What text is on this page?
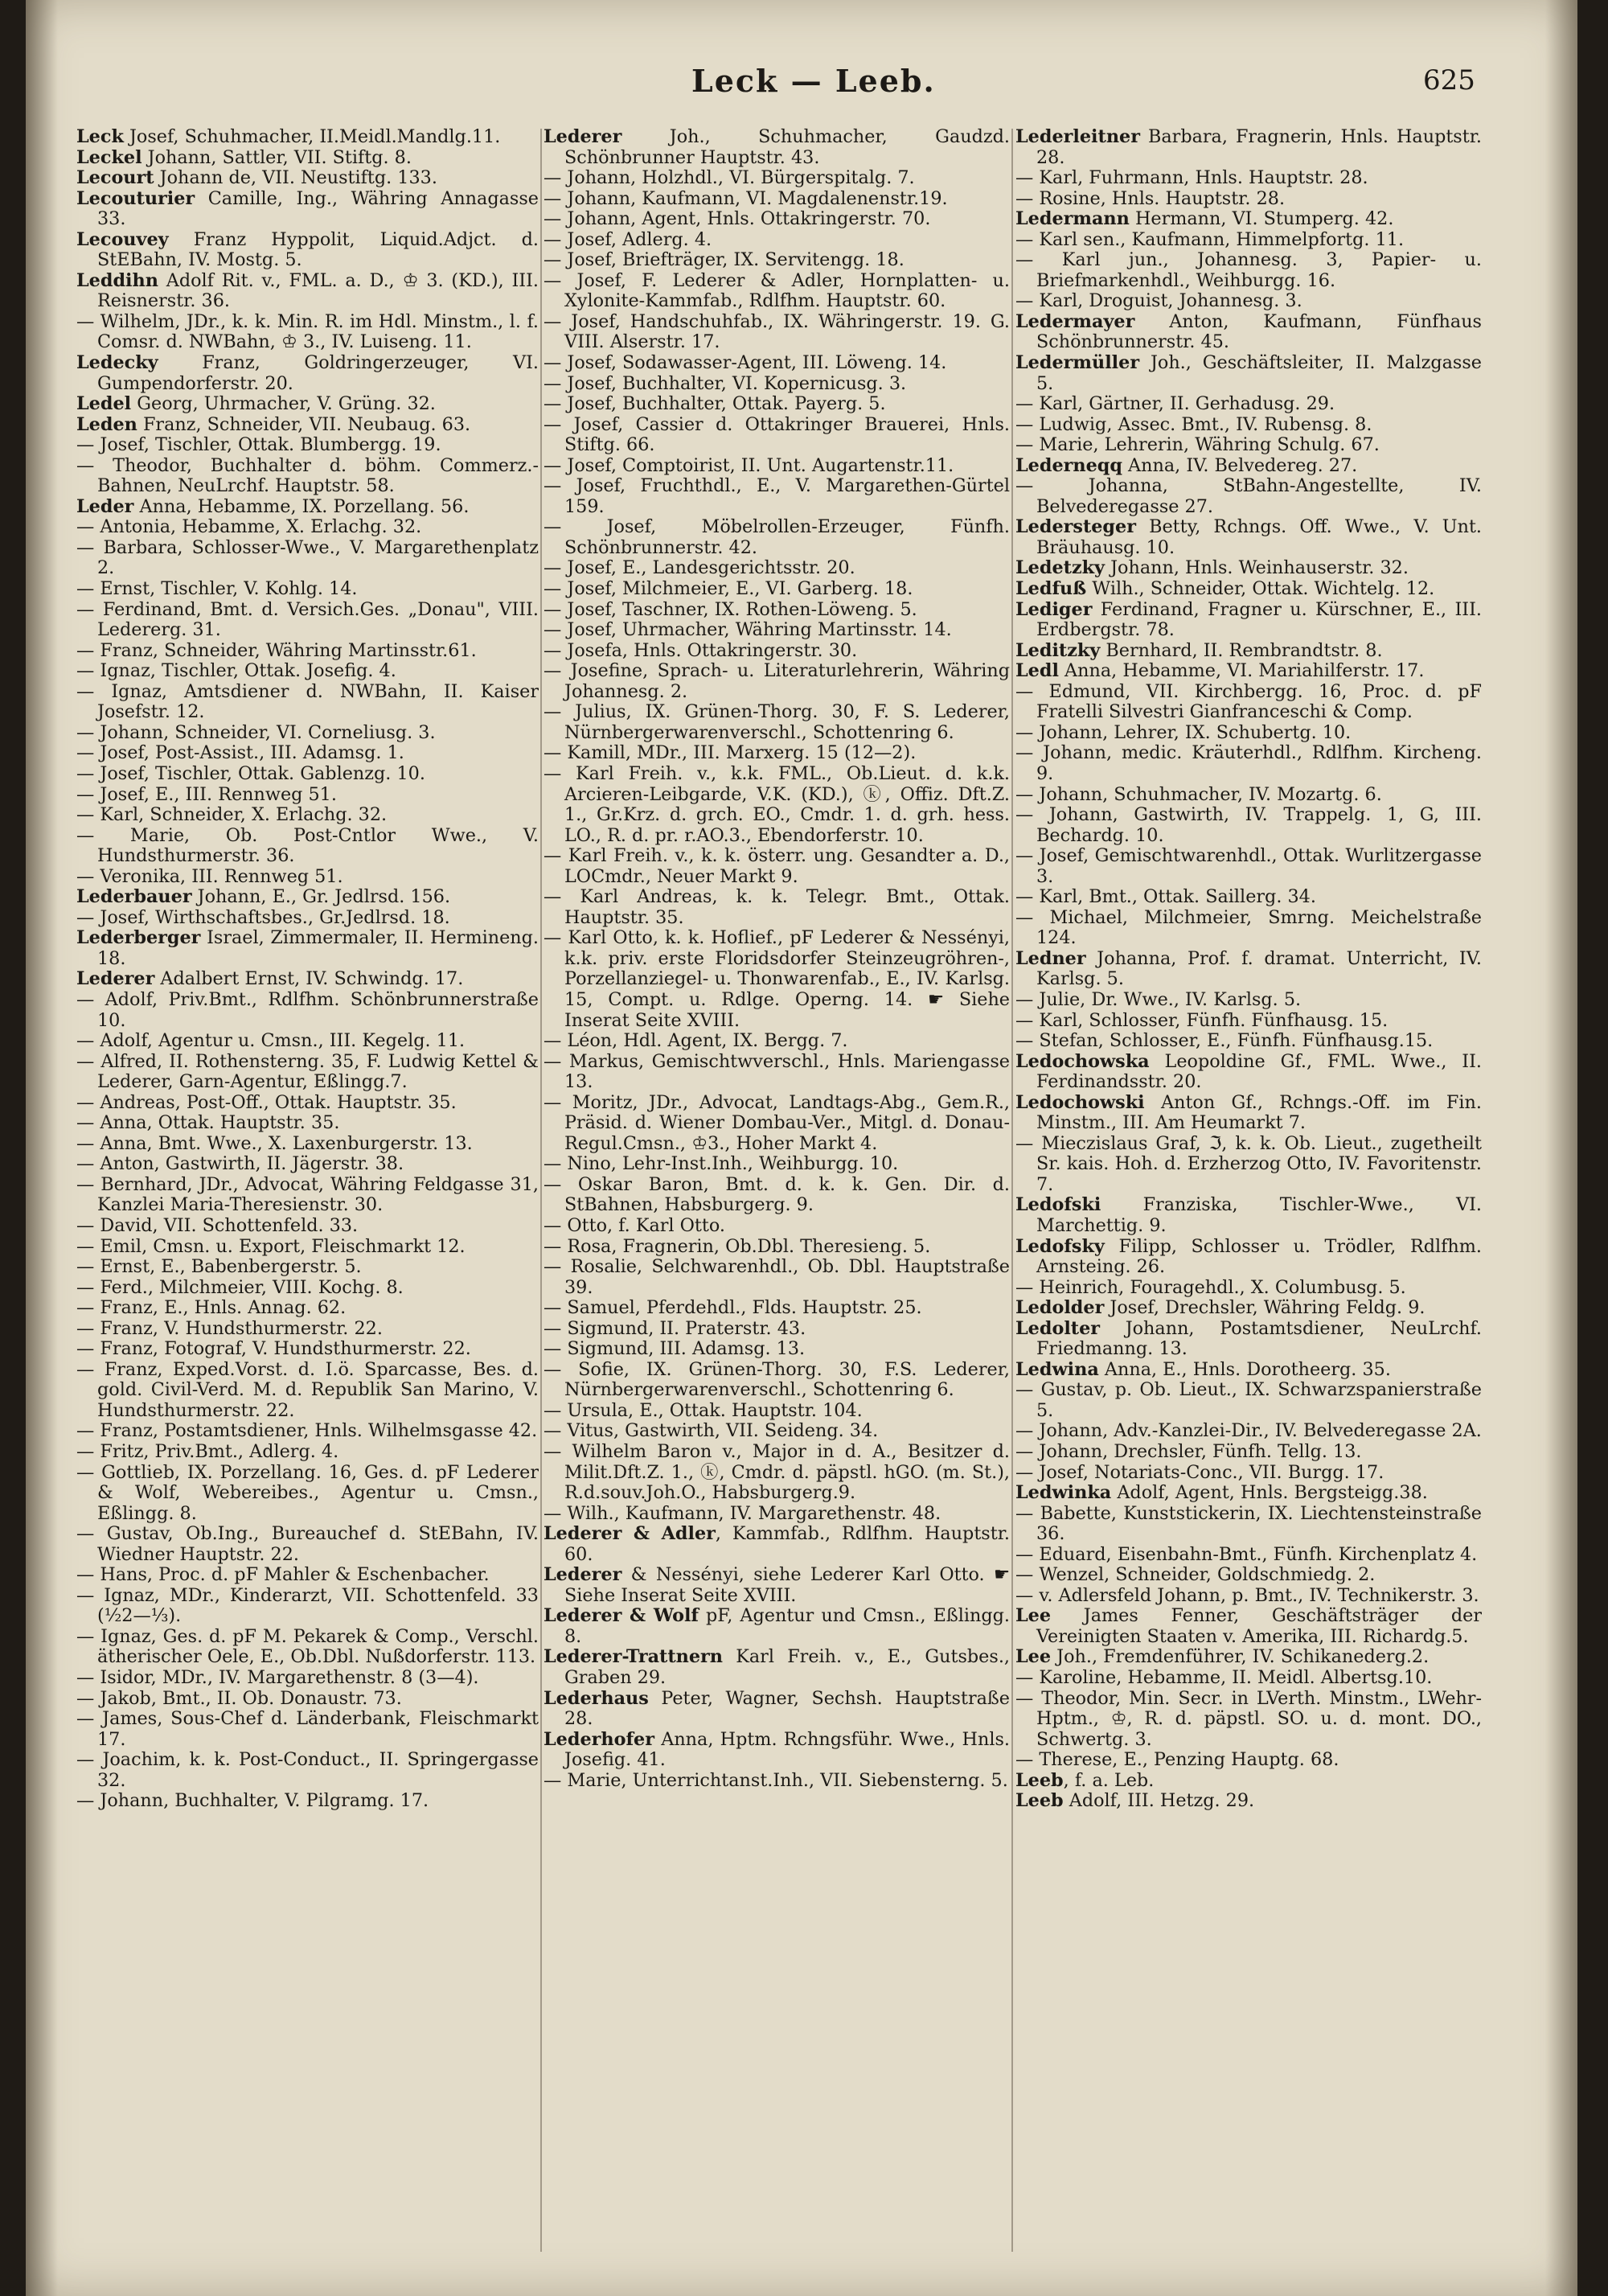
Leck — Leeb.	625

Leck Josef, Schuhmacher, II.Meidl.Mandlg.11.

Leckel Johann, Sattler, VII. Stiftg. 8.

Lecourt Johann de, VII. Neustiftg. 133.

Lecouturier Camille, Ing., Währing Annagasse 33.

Lecouvey Franz Hyppolit, Liquid.Adjct. d. StEBahn, IV. Mostg. 5.

Leddihn Adolf Rit. v., FML. a. D., ♔ 3. (KD.), III. Reisnerstr. 36.

— Wilhelm, JDr., k. k. Min. R. im Hdl. Minstm., l. f. Comsr. d. NWBahn, ♔ 3., IV. Luiseng. 11.

Ledecky Franz, Goldringerzeuger, VI. Gumpendorferstr. 20.

Ledel Georg, Uhrmacher, V. Grüng. 32.

Leden Franz, Schneider, VII. Neubaug. 63.

— Josef, Tischler, Ottak. Blumbergg. 19.

— Theodor, Buchhalter d. böhm. Commerz.-Bahnen, NeuLrchf. Hauptstr. 58.

Leder Anna, Hebamme, IX. Porzellang. 56.

— Antonia, Hebamme, X. Erlachg. 32.

— Barbara, Schlosser-Wwe., V. Margarethenplatz 2.

— Ernst, Tischler, V. Kohlg. 14.

— Ferdinand, Bmt. d. Versich.Ges. „Donau", VIII. Ledererg. 31.

— Franz, Schneider, Währing Martinsstr.61.

— Ignaz, Tischler, Ottak. Josefig. 4.

— Ignaz, Amtsdiener d. NWBahn, II. Kaiser Josefstr. 12.

— Johann, Schneider, VI. Corneliusg. 3.

— Josef, Post-Assist., III. Adamsg. 1.

— Josef, Tischler, Ottak. Gablenzg. 10.

— Josef, E., III. Rennweg 51.

— Karl, Schneider, X. Erlachg. 32.

— Marie, Ob. Post-Cntlor Wwe., V. Hundsthurmerstr. 36.

— Veronika, III. Rennweg 51.

Lederbauer Johann, E., Gr. Jedlrsd. 156.

— Josef, Wirthschaftsbes., Gr.Jedlrsd. 18.

Lederberger Israel, Zimmermaler, II. Hermineng. 18.

Lederer Adalbert Ernst, IV. Schwindg. 17.

— Adolf, Priv.Bmt., Rdlfhm. Schönbrunnerstraße 10.

— Adolf, Agentur u. Cmsn., III. Kegelg. 11.

— Alfred, II. Rothensterng. 35, F. Ludwig Kettel & Lederer, Garn-Agentur, Eßlingg.7.

— Andreas, Post-Off., Ottak. Hauptstr. 35.

— Anna, Ottak. Hauptstr. 35.

— Anna, Bmt. Wwe., X. Laxenburgerstr. 13.

— Anton, Gastwirth, II. Jägerstr. 38.

— Bernhard, JDr., Advocat, Währing Feldgasse 31, Kanzlei Maria-Theresienstr. 30.

— David, VII. Schottenfeld. 33.

— Emil, Cmsn. u. Export, Fleischmarkt 12.

— Ernst, E., Babenbergerstr. 5.

— Ferd., Milchmeier, VIII. Kochg. 8.

— Franz, E., Hnls. Annag. 62.

— Franz, V. Hundsthurmerstr. 22.

— Franz, Fotograf, V. Hundsthurmerstr. 22.

— Franz, Exped.Vorst. d. I.ö. Sparcasse, Bes. d. gold. Civil-Verd. M. d. Republik San Marino, V. Hundsthurmerstr. 22.

— Franz, Postamtsdiener, Hnls. Wilhelmsgasse 42.

— Fritz, Priv.Bmt., Adlerg. 4.

— Gottlieb, IX. Porzellang. 16, Ges. d. pF Lederer & Wolf, Webereibes., Agentur u. Cmsn., Eßlingg. 8.

— Gustav, Ob.Ing., Bureauchef d. StEBahn, IV. Wiedner Hauptstr. 22.

— Hans, Proc. d. pF Mahler & Eschenbacher.

— Ignaz, MDr., Kinderarzt, VII. Schottenfeld. 33 (½2—⅓).

— Ignaz, Ges. d. pF M. Pekarek & Comp., Verschl. ätherischer Oele, E., Ob.Dbl. Nußdorferstr. 113.

— Isidor, MDr., IV. Margarethenstr. 8 (3—4).

— Jakob, Bmt., II. Ob. Donaustr. 73.

— James, Sous-Chef d. Länderbank, Fleischmarkt 17.

— Joachim, k. k. Post-Conduct., II. Springergasse 32.

— Johann, Buchhalter, V. Pilgramg. 17.

Lederer Joh., Schuhmacher, Gaudzd. Schönbrunner Hauptstr. 43.

— Johann, Holzhdl., VI. Bürgerspitalg. 7.

— Johann, Kaufmann, VI. Magdalenenstr.19.

— Johann, Agent, Hnls. Ottakringerstr. 70.

— Josef, Adlerg. 4.

— Josef, Briefträger, IX. Servitengg. 18.

— Josef, F. Lederer & Adler, Hornplatten- u. Xylonite-Kammfab., Rdlfhm. Hauptstr. 60.

— Josef, Handschuhfab., IX. Währingerstr. 19. G. VIII. Alserstr. 17.

— Josef, Sodawasser-Agent, III. Löweng. 14.

— Josef, Buchhalter, VI. Kopernicusg. 3.

— Josef, Buchhalter, Ottak. Payerg. 5.

— Josef, Cassier d. Ottakringer Brauerei, Hnls. Stiftg. 66.

— Josef, Comptoirist, II. Unt. Augartenstr.11.

— Josef, Fruchthdl., E., V. Margarethen-Gürtel 159.

— Josef, Möbelrollen-Erzeuger, Fünfh. Schönbrunnerstr. 42.

— Josef, E., Landesgerichtsstr. 20.

— Josef, Milchmeier, E., VI. Garberg. 18.

— Josef, Taschner, IX. Rothen-Löweng. 5.

— Josef, Uhrmacher, Währing Martinsstr. 14.

— Josefa, Hnls. Ottakringerstr. 30.

— Josefine, Sprach- u. Literaturlehrerin, Währing Johannesg. 2.

— Julius, IX. Grünen-Thorg. 30, F. S. Lederer, Nürnbergerwarenverschl., Schottenring 6.

— Kamill, MDr., III. Marxerg. 15 (12—2).

— Karl Freih. v., k.k. FML., Ob.Lieut. d. k.k. Arcieren-Leibgarde, V.K. (KD.), ⓚ, Offiz. Dft.Z. 1., Gr.Krz. d. grch. EO., Cmdr. 1. d. grh. hess. LO., R. d. pr. r.AO.3., Ebendorferstr. 10.

— Karl Freih. v., k. k. österr. ung. Gesandter a. D., LOCmdr., Neuer Markt 9.

— Karl Andreas, k. k. Telegr. Bmt., Ottak. Hauptstr. 35.

— Karl Otto, k. k. Hoflief., pF Lederer & Nessényi, k.k. priv. erste Floridsdorfer Steinzeugröhren-, Porzellanziegel- u. Thonwarenfab., E., IV. Karlsg. 15, Compt. u. Rdlge. Operng. 14. ☛ Siehe Inserat Seite XVIII.

— Léon, Hdl. Agent, IX. Bergg. 7.

— Markus, Gemischtwverschl., Hnls. Mariengasse 13.

— Moritz, JDr., Advocat, Landtags-Abg., Gem.R., Präsid. d. Wiener Dombau-Ver., Mitgl. d. Donau-Regul.Cmsn., ♔3., Hoher Markt 4.

— Nino, Lehr-Inst.Inh., Weihburgg. 10.

— Oskar Baron, Bmt. d. k. k. Gen. Dir. d. StBahnen, Habsburgerg. 9.

— Otto, f. Karl Otto.

— Rosa, Fragnerin, Ob.Dbl. Theresieng. 5.

— Rosalie, Selchwarenhdl., Ob. Dbl. Hauptstraße 39.

— Samuel, Pferdehdl., Flds. Hauptstr. 25.

— Sigmund, II. Praterstr. 43.

— Sigmund, III. Adamsg. 13.

— Sofie, IX. Grünen-Thorg. 30, F.S. Lederer, Nürnbergerwarenverschl., Schottenring 6.

— Ursula, E., Ottak. Hauptstr. 104.

— Vitus, Gastwirth, VII. Seideng. 34.

— Wilhelm Baron v., Major in d. A., Besitzer d. Milit.Dft.Z. 1., ⓚ, Cmdr. d. päpstl. hGO. (m. St.), R.d.souv.Joh.O., Habsburgerg.9.

— Wilh., Kaufmann, IV. Margarethenstr. 48.

Lederer & Adler, Kammfab., Rdlfhm. Hauptstr. 60.

Lederer & Nessényi, siehe Lederer Karl Otto. ☛ Siehe Inserat Seite XVIII.

Lederer & Wolf pF, Agentur und Cmsn., Eßlingg. 8.

Lederer-Trattnern Karl Freih. v., E., Gutsbes., Graben 29.

Lederhaus Peter, Wagner, Sechsh. Hauptstraße 28.

Lederhofer Anna, Hptm. Rchngsführ. Wwe., Hnls. Josefig. 41.

— Marie, Unterrichtanst.Inh., VII. Siebensterng. 5.

Lederleitner Barbara, Fragnerin, Hnls. Hauptstr. 28.

— Karl, Fuhrmann, Hnls. Hauptstr. 28.

— Rosine, Hnls. Hauptstr. 28.

Ledermann Hermann, VI. Stumperg. 42.

— Karl sen., Kaufmann, Himmelpfortg. 11.

— Karl jun., Johannesg. 3, Papier- u. Briefmarkenhdl., Weihburgg. 16.

— Karl, Droguist, Johannesg. 3.

Ledermayer Anton, Kaufmann, Fünfhaus Schönbrunnerstr. 45.

Ledermüller Joh., Geschäftsleiter, II. Malzgasse 5.

— Karl, Gärtner, II. Gerhadusg. 29.

— Ludwig, Assec. Bmt., IV. Rubensg. 8.

— Marie, Lehrerin, Währing Schulg. 67.

Lederneqq Anna, IV. Belvedereg. 27.

— Johanna, StBahn-Angestellte, IV. Belvederegasse 27.

Ledersteger Betty, Rchngs. Off. Wwe., V. Unt. Bräuhausg. 10.

Ledetzky Johann, Hnls. Weinhauserstr. 32.

Ledfuß Wilh., Schneider, Ottak. Wichtelg. 12.

Lediger Ferdinand, Fragner u. Kürschner, E., III. Erdbergstr. 78.

Leditzky Bernhard, II. Rembrandtstr. 8.

Ledl Anna, Hebamme, VI. Mariahilferstr. 17.

— Edmund, VII. Kirchbergg. 16, Proc. d. pF Fratelli Silvestri Gianfranceschi & Comp.

— Johann, Lehrer, IX. Schubertg. 10.

— Johann, medic. Kräuterhdl., Rdlfhm. Kircheng. 9.

— Johann, Schuhmacher, IV. Mozartg. 6.

— Johann, Gastwirth, IV. Trappelg. 1, G, III. Bechardg. 10.

— Josef, Gemischtwarenhdl., Ottak. Wurlitzergasse 3.

— Karl, Bmt., Ottak. Saillerg. 34.

— Michael, Milchmeier, Smrng. Meichelstraße 124.

Ledner Johanna, Prof. f. dramat. Unterricht, IV. Karlsg. 5.

— Julie, Dr. Wwe., IV. Karlsg. 5.

— Karl, Schlosser, Fünfh. Fünfhausg. 15.

— Stefan, Schlosser, E., Fünfh. Fünfhausg.15.

Ledochowska Leopoldine Gf., FML. Wwe., II. Ferdinandsstr. 20.

Ledochowski Anton Gf., Rchngs.-Off. im Fin. Minstm., III. Am Heumarkt 7.

— Mieczislaus Graf, ℑ, k. k. Ob. Lieut., zugetheilt Sr. kais. Hoh. d. Erzherzog Otto, IV. Favoritenstr. 7.

Ledofski Franziska, Tischler-Wwe., VI. Marchettig. 9.

Ledofsky Filipp, Schlosser u. Trödler, Rdlfhm. Arnsteing. 26.

— Heinrich, Fouragehdl., X. Columbusg. 5.

Ledolder Josef, Drechsler, Währing Feldg. 9.

Ledolter Johann, Postamtsdiener, NeuLrchf. Friedmanng. 13.

Ledwina Anna, E., Hnls. Dorotheerg. 35.

— Gustav, p. Ob. Lieut., IX. Schwarzspanierstraße 5.

— Johann, Adv.-Kanzlei-Dir., IV. Belvederegasse 2A.

— Johann, Drechsler, Fünfh. Tellg. 13.

— Josef, Notariats-Conc., VII. Burgg. 17.

Ledwinka Adolf, Agent, Hnls. Bergsteigg.38.

— Babette, Kunststickerin, IX. Liechtensteinstraße 36.

— Eduard, Eisenbahn-Bmt., Fünfh. Kirchenplatz 4.

— Wenzel, Schneider, Goldschmiedg. 2.

— v. Adlersfeld Johann, p. Bmt., IV. Technikerstr. 3.

Lee James Fenner, Geschäftsträger der Vereinigten Staaten v. Amerika, III. Richardg.5.

Lee Joh., Fremdenführer, IV. Schikanederg.2.

— Karoline, Hebamme, II. Meidl. Albertsg.10.

— Theodor, Min. Secr. in LVerth. Minstm., LWehr-Hptm., ♔, R. d. päpstl. SO. u. d. mont. DO., Schwertg. 3.

— Therese, E., Penzing Hauptg. 68.

Leeb, f. a. Leb.

Leeb Adolf, III. Hetzg. 29.
